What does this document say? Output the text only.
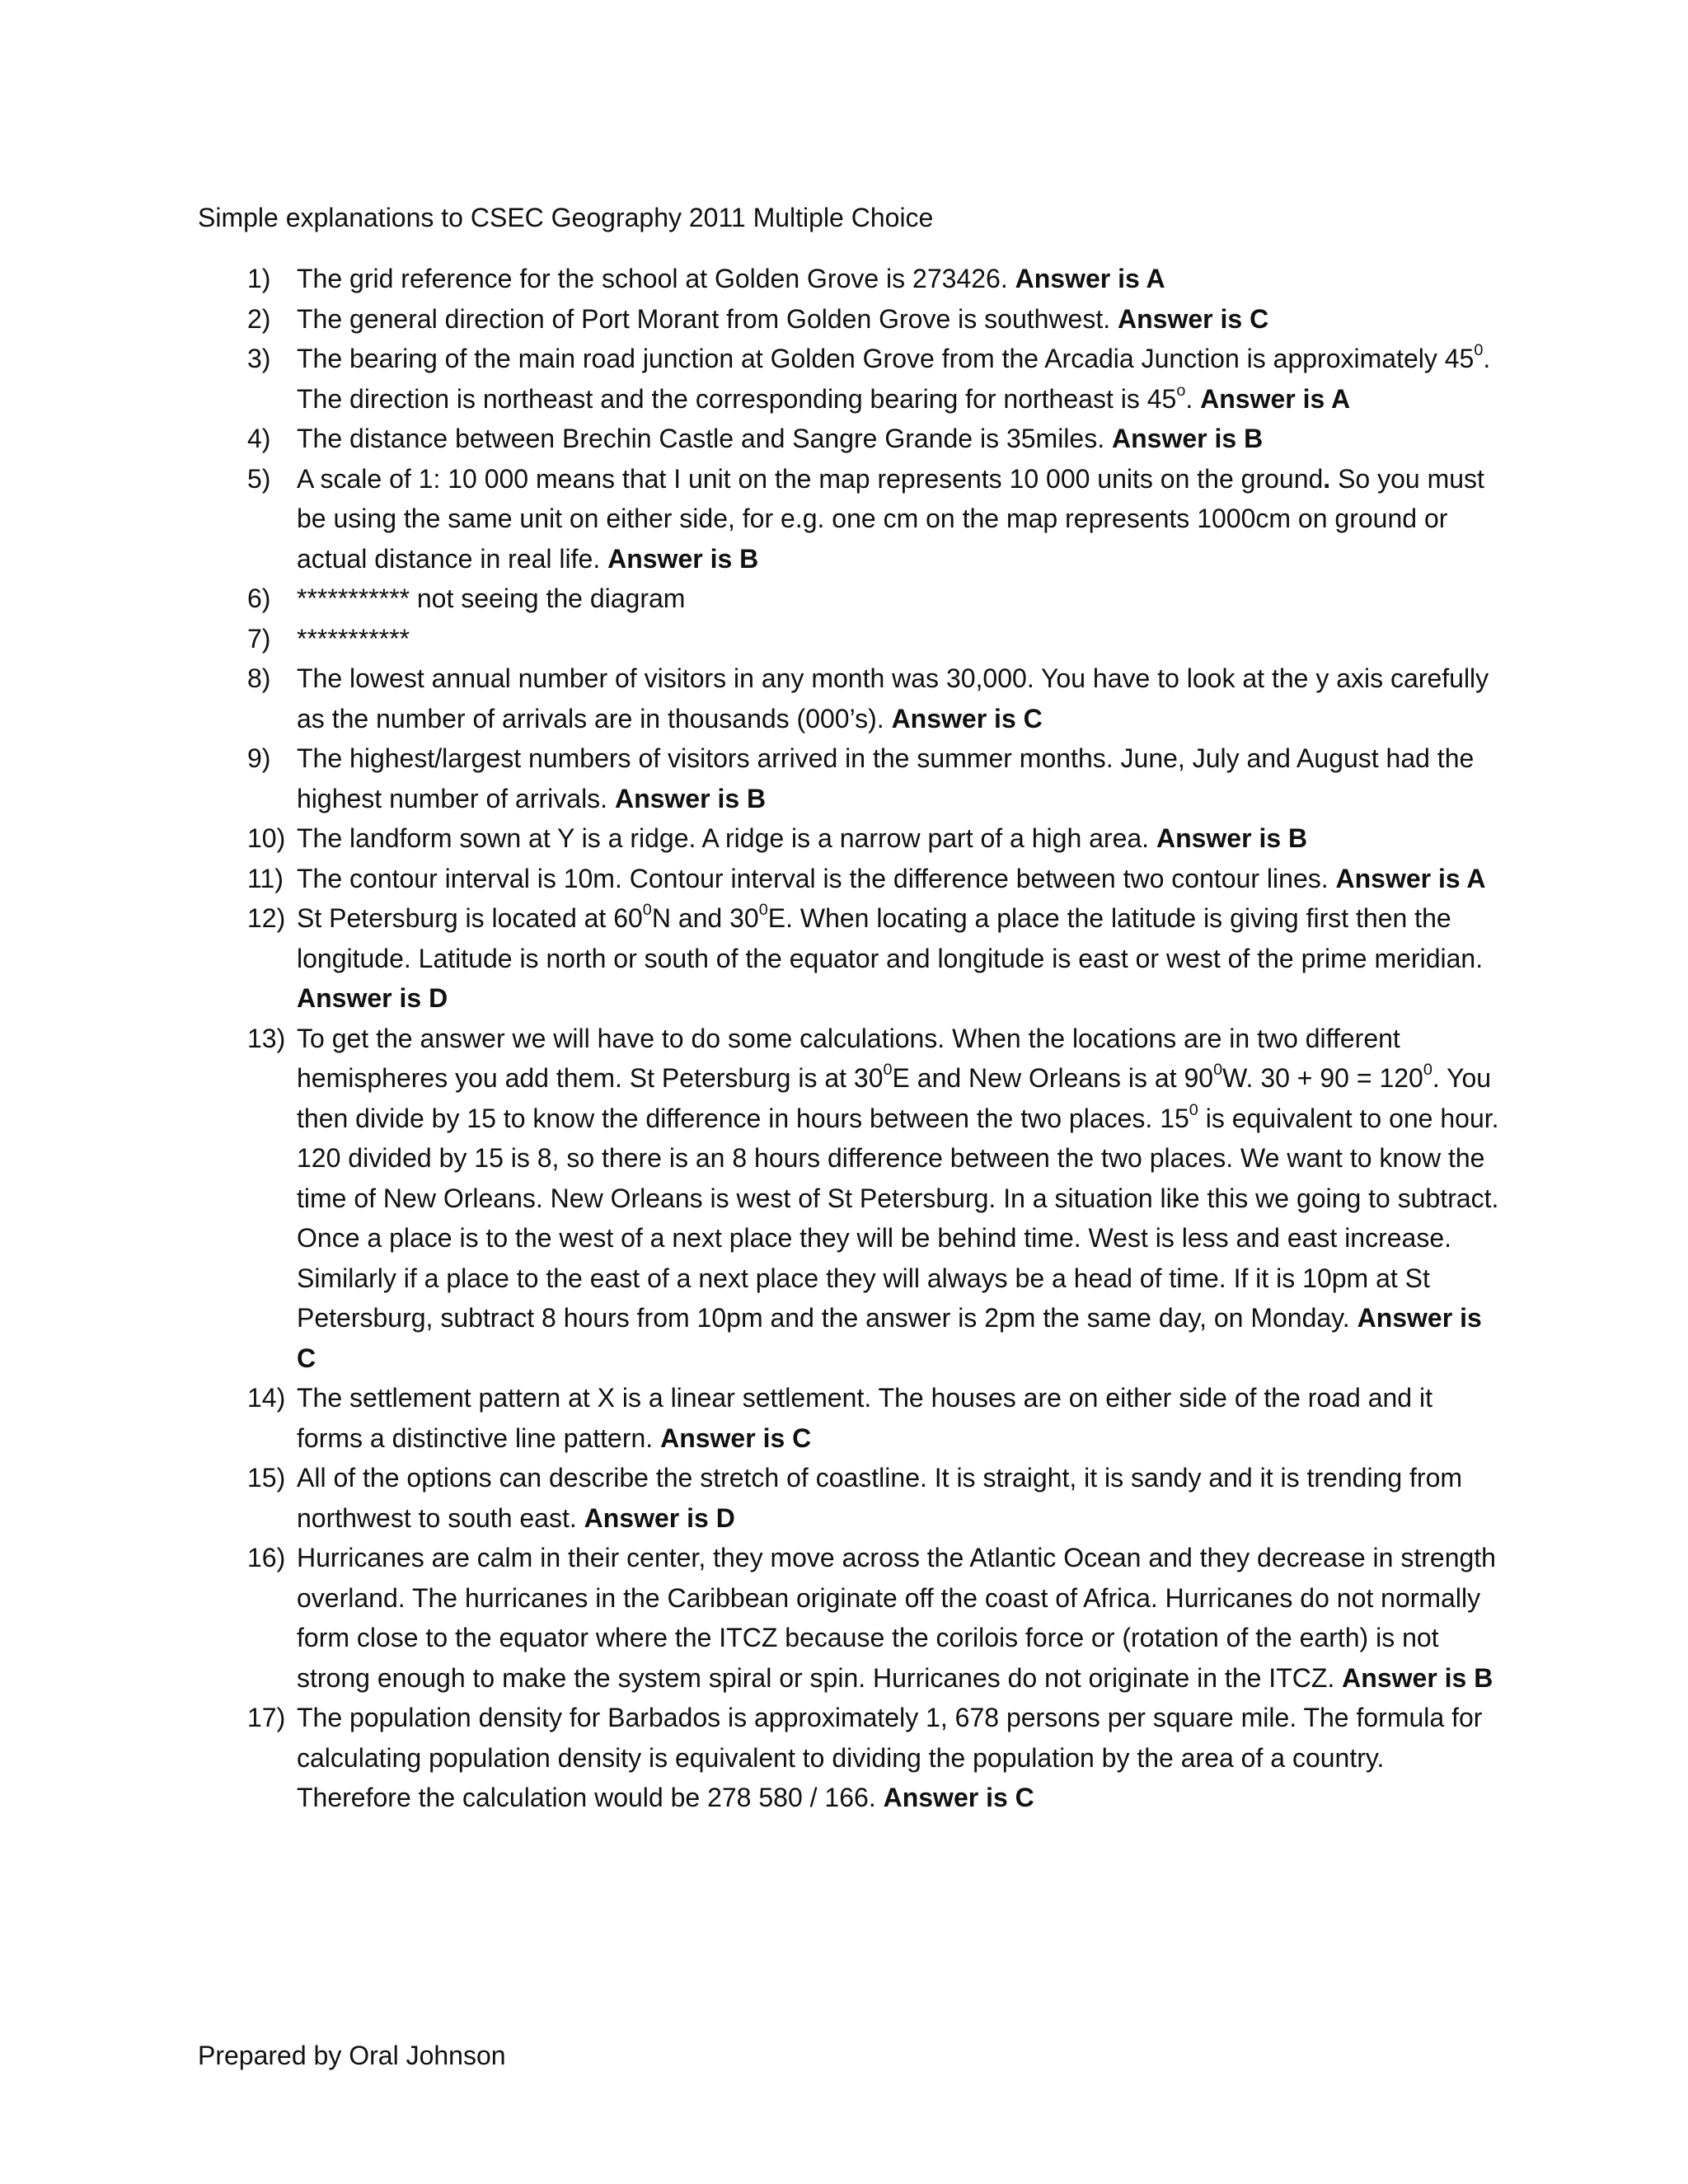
Simple explanations to CSEC Geography 2011 Multiple Choice
1) The grid reference for the school at Golden Grove is 273426. Answer is A
2) The general direction of Port Morant from Golden Grove is southwest. Answer is C
3) The bearing of the main road junction at Golden Grove from the Arcadia Junction is approximately $45^0$. The direction is northeast and the corresponding bearing for northeast is 45$^o$. Answer is A
4) The distance between Brechin Castle and Sangre Grande is 35miles. Answer is B
5) A scale of 1: 10 000 means that I unit on the map represents 10 000 units on the ground. So you must be using the same unit on either side, for e.g. one cm on the map represents 1000cm on ground or actual distance in real life. Answer is B
6) *********** not seeing the diagram
7) ***********
8) The lowest annual number of visitors in any month was 30,000. You have to look at the y axis carefully as the number of arrivals are in thousands (000’s). Answer is C
9) The highest/largest numbers of visitors arrived in the summer months. June, July and August had the highest number of arrivals. Answer is B
10) The landform sown at Y is a ridge. A ridge is a narrow part of a high area. Answer is B
11) The contour interval is 10m. Contour interval is the difference between two contour lines. Answer is A
12) St Petersburg is located at $60^0N$ and $30^0E$. When locating a place the latitude is giving first then the longitude. Latitude is north or south of the equator and longitude is east or west of the prime meridian. Answer is D
13) To get the answer we will have to do some calculations. When the locations are in two different hemispheres you add them. St Petersburg is at $30^0E$ and New Orleans is at $90^0W$. $30 + 90 = 120^0$. You then divide by 15 to know the difference in hours between the two places. $15^0$ is equivalent to one hour. 120 divided by 15 is 8, so there is an 8 hours difference between the two places. We want to know the time of New Orleans. New Orleans is west of St Petersburg. In a situation like this we going to subtract. Once a place is to the west of a next place they will be behind time. West is less and east increase. Similarly if a place to the east of a next place they will always be a head of time. If it is 10pm at St Petersburg, subtract 8 hours from 10pm and the answer is 2pm the same day, on Monday. Answer is C
14) The settlement pattern at X is a linear settlement. The houses are on either side of the road and it forms a distinctive line pattern. Answer is C
15) All of the options can describe the stretch of coastline. It is straight, it is sandy and it is trending from northwest to south east. Answer is D
16) Hurricanes are calm in their center, they move across the Atlantic Ocean and they decrease in strength overland. The hurricanes in the Caribbean originate off the coast of Africa. Hurricanes do not normally form close to the equator where the ITCZ because the corilois force or (rotation of the earth) is not strong enough to make the system spiral or spin. Hurricanes do not originate in the ITCZ. Answer is B
17) The population density for Barbados is approximately 1, 678 persons per square mile. The formula for calculating population density is equivalent to dividing the population by the area of a country. Therefore the calculation would be 278 580 / 166. Answer is C

Prepared by Oral Johnson
